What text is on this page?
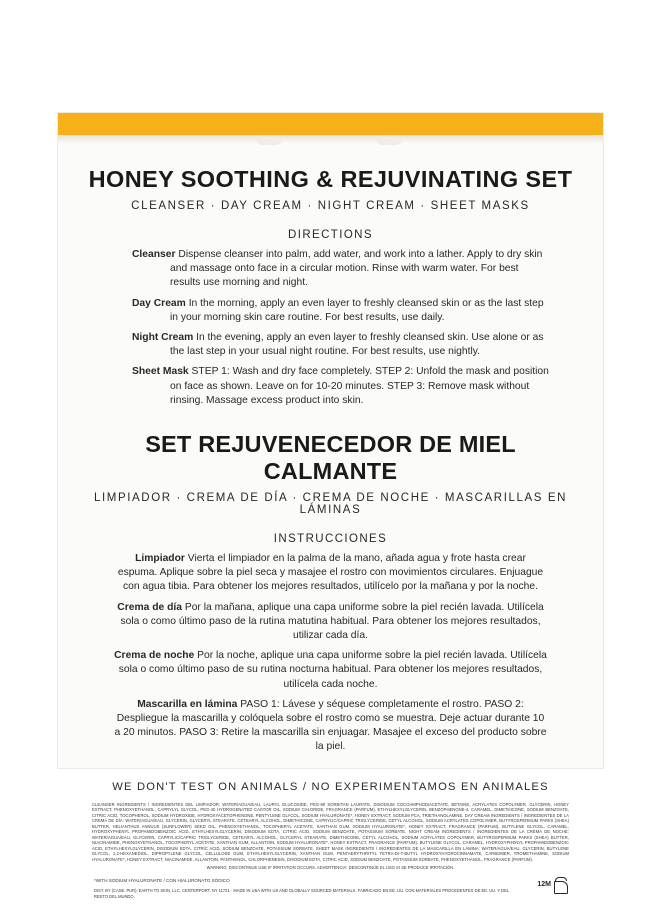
HONEY SOOTHING & REJUVINATING SET
CLEANSER · DAY CREAM · NIGHT CREAM · SHEET MASKS
DIRECTIONS

Cleanser Dispense cleanser into palm, add water, and work into a lather. Apply to dry skin and massage onto face in a circular motion. Rinse with warm water. For best results use morning and night.

Day Cream In the morning, apply an even layer to freshly cleansed skin or as the last step in your morning skin care routine. For best results, use daily.

Night Cream In the evening, apply an even layer to freshly cleansed skin. Use alone or as the last step in your usual night routine. For best results, use nightly.

Sheet Mask STEP 1: Wash and dry face completely. STEP 2: Unfold the mask and position on face as shown. Leave on for 10-20 minutes. STEP 3: Remove mask without rinsing. Massage excess product into skin.

SET REJUVENECEDOR DE MIEL CALMANTE
LIMPIADOR · CREMA DE DÍA · CREMA DE NOCHE · MASCARILLAS EN LÁMINAS
INSTRUCCIONES

Limpiador Vierta el limpiador en la palma de la mano, añada agua y frote hasta crear espuma. Aplique sobre la piel seca y masajee el rostro con movimientos circulares. Enjuague con agua tibia. Para obtener los mejores resultados, utilícelo por la mañana y por la noche.

Crema de día Por la mañana, aplique una capa uniforme sobre la piel recién lavada. Utilícela sola o como último paso de la rutina matutina habitual. Para obtener los mejores resultados, utilizar cada día.

Crema de noche Por la noche, aplique una capa uniforme sobre la piel recién lavada. Utilícela sola o como último paso de su rutina nocturna habitual. Para obtener los mejores resultados, utilícela cada noche.

Mascarilla en lámina PASO 1: Lávese y séquese completamente el rostro. PASO 2: Despliegue la mascarilla y colóquela sobre el rostro como se muestra. Deje actuar durante 10 a 20 minutos. PASO 3: Retire la mascarilla sin enjuagar. Masajee el exceso del producto sobre la piel.

WE DON'T TEST ON ANIMALS / NO EXPERIMENTAMOS EN ANIMALES
CLEANSER INGREDIENTS / INGREDIENTES DEL LIMPIADOR: WATER/AGUA/EAU, LAURYL GLUCOSIDE, PEG-80 SORBITAN LAURATE, DISODIUM COCOAMPHODIACETATE, BETAINE, ACRYLATES COPOLYMER, GLYCERIN, HONEY EXTRACT, PHENOXYETHANOL, CAPRYLYL GLYCOL, PEG-40 HYDROGENATED CASTOR OIL, SODIUM CHLORIDE, FRAGRANCE (PARFUM), ETHYLHEXYLGLYCERIN, BENZOPHENONE-4, CARAMEL, DIMETHICONE, SODIUM BENZOATE, CITRIC ACID, TOCOPHEROL, SODIUM HYDROXIDE, HYDROXYACETOPHENONE, PENTYLENE GLYCOL, SODIUM HYALURONATE*, HONEY EXTRACT, SODIUM PCA, TRIETHANOLAMINE. DAY CREAM INGREDIENTS / INGREDIENTES DE LA CREMA DE DÍA: WATER/AGUA/EAU, GLYCERIN, GLYCERYL STEARATE, CETEARYL ALCOHOL, DIMETHICONE, CAPRYLIC/CAPRIC TRIGLYCERIDE, CETYL ALCOHOL, SODIUM ACRYLATES COPOLYMER, BUTYROSPERMUM PARKII (SHEA) BUTTER, HELIANTHUS ANNUUS (SUNFLOWER) SEED OIL, PHENOXYETHANOL, TOCOPHERYL ACETATE, XANTHAN GUM, SODIUM HYALURONATE*, HONEY EXTRACT, FRAGRANCE (PARFUM), BUTYLENE GLYCOL, CARAMEL, HYDROXYPHENYL PROPAMIDOBENZOIC ACID, ETHYLHEXYLGLYCERIN, DISODIUM EDTA, CITRIC ACID, SODIUM BENZOATE, POTASSIUM SORBATE. NIGHT CREAM INGREDIENTS / INGREDIENTES DE LA CREMA DE NOCHE: WATER/AGUA/EAU, GLYCERIN, CAPRYLIC/CAPRIC TRIGLYCERIDE, CETEARYL ALCOHOL, GLYCERYL STEARATE, DIMETHICONE, CETYL ALCOHOL, SODIUM ACRYLATES COPOLYMER, BUTYROSPERMUM PARKII (SHEA) BUTTER, NIACINAMIDE, PHENOXYETHANOL, TOCOPHERYL ACETATE, XANTHAN GUM, ALLANTOIN, SODIUM HYALURONATE*, HONEY EXTRACT, FRAGRANCE (PARFUM), BUTYLENE GLYCOL, CARAMEL, HYDROXYPHENYL PROPAMIDOBENZOIC ACID, ETHYLHEXYLGLYCERIN, DISODIUM EDTA, CITRIC ACID, SODIUM BENZOATE, POTASSIUM SORBATE. SHEET MASK INGREDIENTS / INGREDIENTES DE LA MASCARILLA EN LÁMINA: WATER/AGUA/EAU, GLYCERIN, BUTYLENE GLYCOL, 1,2-HEXANEDIOL, DIPROPYLENE GLYCOL, CELLULOSE GUM, ETHYLHEXYLGLYCERIN, XANTHAN GUM, PENTAERYTHRITYL TETRA-DI-T-BUTYL HYDROXYHYDROCINNAMATE, CARBOMER, TROMETHAMINE, SODIUM HYALURONATE*, HONEY EXTRACT, NIACINAMIDE, ALLANTOIN, PANTHENOL, CHLORPHENESIN, DISODIUM EDTA, CITRIC ACID, SODIUM BENZOATE, POTASSIUM SORBATE, PHENOXYETHANOL, FRAGRANCE (PARFUM).
WARNING: DISCONTINUE USE IF IRRITATION OCCURS. ADVERTENCIA: DESCONTINÚE EL USO SI SE PRODUCE IRRITACIÓN.
*WITH SODIUM HYALURONATE / CON HIALURONATO SÓDICO
DIST. BY (CASE. PUR): EARTH TO SKIN, LLC, CENTERPORT, NY 11721 · MADE IN USA WITH US AND GLOBALLY SOURCED MATERIALS. FABRICADO EN EE. UU. CON MATERIALES PROCEDENTES DE EE. UU. Y DEL RESTO DEL MUNDO.
12M
